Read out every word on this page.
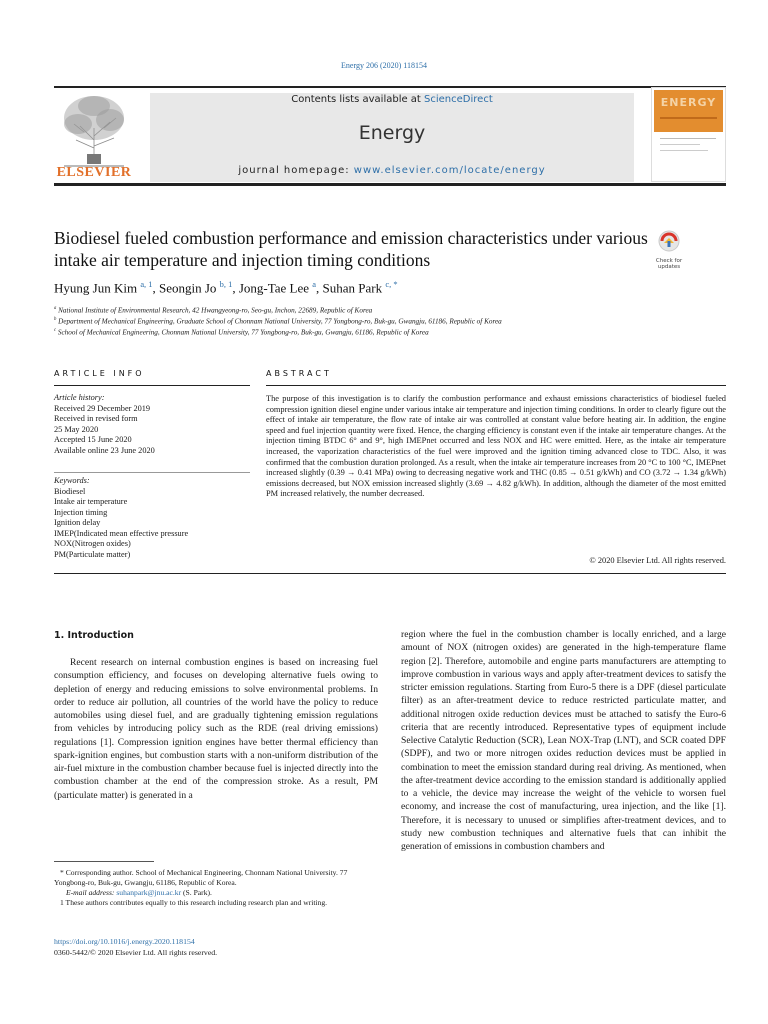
Energy 206 (2020) 118154
ELSEVIER
Contents lists available at ScienceDirect
Energy
journal homepage: www.elsevier.com/locate/energy
ENERGY
Biodiesel fueled combustion performance and emission characteristics under various intake air temperature and injection timing conditions	Check for
updates
Hyung Jun Kim $^{a, 1}$, Seongin Jo $^{b, 1}$, Jong-Tae Lee $^a$, Suhan Park $^{c, *}$
$^a$ National Institute of Environmental Research, 42 Hwangyeong-ro, Seo-gu, Inchon, 22689, Republic of Korea
$^b$ Department of Mechanical Engineering, Graduate School of Chonnam National University, 77 Yongbong-ro, Buk-gu, Gwangju, 61186, Republic of Korea
$^c$ School of Mechanical Engineering, Chonnam National University, 77 Yongbong-ro, Buk-gu, Gwangju, 61186, Republic of Korea
ARTICLE INFO	ABSTRACT
Article history:
Received 29 December 2019
Received in revised form
25 May 2020
Accepted 15 June 2020
Available online 23 June 2020
Keywords:
Biodiesel
Intake air temperature
Injection timing
Ignition delay
IMEP(Indicated mean effective pressure
NOX(Nitrogen oxides)
PM(Particulate matter)
The purpose of this investigation is to clarify the combustion performance and exhaust emissions characteristics of biodiesel fueled compression ignition diesel engine under various intake air temperature and injection timing conditions. In order to clearly figure out the effect of intake air temperature, the flow rate of intake air was controlled at constant value before heating air. In addition, the engine speed and fuel injection quantity were fixed. Hence, the charging efficiency is constant even if the intake air temperature changes. At the injection timing BTDC 6° and 9°, high IMEPnet occurred and less NOX and HC were emitted. Here, as the intake air temperature increased, the vaporization characteristics of the fuel were improved and the ignition timing advanced close to TDC. Also, it was confirmed that the combustion duration prolonged. As a result, when the intake air temperature increases from 20 °C to 100 °C, IMEPnet increased slightly (0.39 → 0.41 MPa) owing to decreasing negative work and THC (0.85 → 0.51 g/kWh) and CO (3.72 → 1.34 g/kWh) emissions decreased, but NOX emission increased slightly (3.69 → 4.82 g/kWh). In addition, although the diameter of the most emitted PM increased relatively, the number decreased.
© 2020 Elsevier Ltd. All rights reserved.
1. Introduction
Recent research on internal combustion engines is based on increasing fuel consumption efficiency, and focuses on developing alternative fuels owing to depletion of energy and reducing emissions to solve environmental problems. In order to reduce air pollution, all countries of the world have the policy to reduce automobiles using diesel fuel, and are gradually tightening emission regulations from vehicles by introducing policy such as the RDE (real driving emissions) regulations [1]. Compression ignition engines have better thermal efficiency than spark-ignition engines, but combustion starts with a non-uniform distribution of the air-fuel mixture in the combustion chamber because fuel is injected directly into the combustion chamber at the end of the compression stroke. As a result, PM (particulate matter) is generated in a
region where the fuel in the combustion chamber is locally enriched, and a large amount of NOX (nitrogen oxides) are generated in the high-temperature flame region [2]. Therefore, automobile and engine parts manufacturers are attempting to improve combustion in various ways and apply after-treatment devices to satisfy the stricter emission regulations. Starting from Euro-5 there is a DPF (diesel particulate filter) as an after-treatment device to reduce restricted particulate matter, and additional nitrogen oxide reduction devices must be attached to satisfy the Euro-6 criteria that are recently introduced. Representative types of equipment include Selective Catalytic Reduction (SCR), Lean NOX-Trap (LNT), and SCR coated DPF (SDPF), and two or more nitrogen oxides reduction devices must be applied in combination to meet the emission standard during real driving. As mentioned, when the after-treatment device according to the emission standard is additionally applied to a vehicle, the device may increase the weight of the vehicle to worsen fuel economy, and increase the cost of manufacturing, urea injection, and the like [1]. Therefore, it is necessary to unused or simplifies after-treatment devices, and to study new combustion techniques and alternative fuels that can inhibit the generation of emissions in combustion chambers and
* Corresponding author. School of Mechanical Engineering, Chonnam National University. 77 Yongbong-ro, Buk-gu, Gwangju, 61186, Republic of Korea.
E-mail address: suhanpark@jnu.ac.kr (S. Park).
1 These authors contributes equally to this research including research plan and writing.
https://doi.org/10.1016/j.energy.2020.118154
0360-5442/© 2020 Elsevier Ltd. All rights reserved.
